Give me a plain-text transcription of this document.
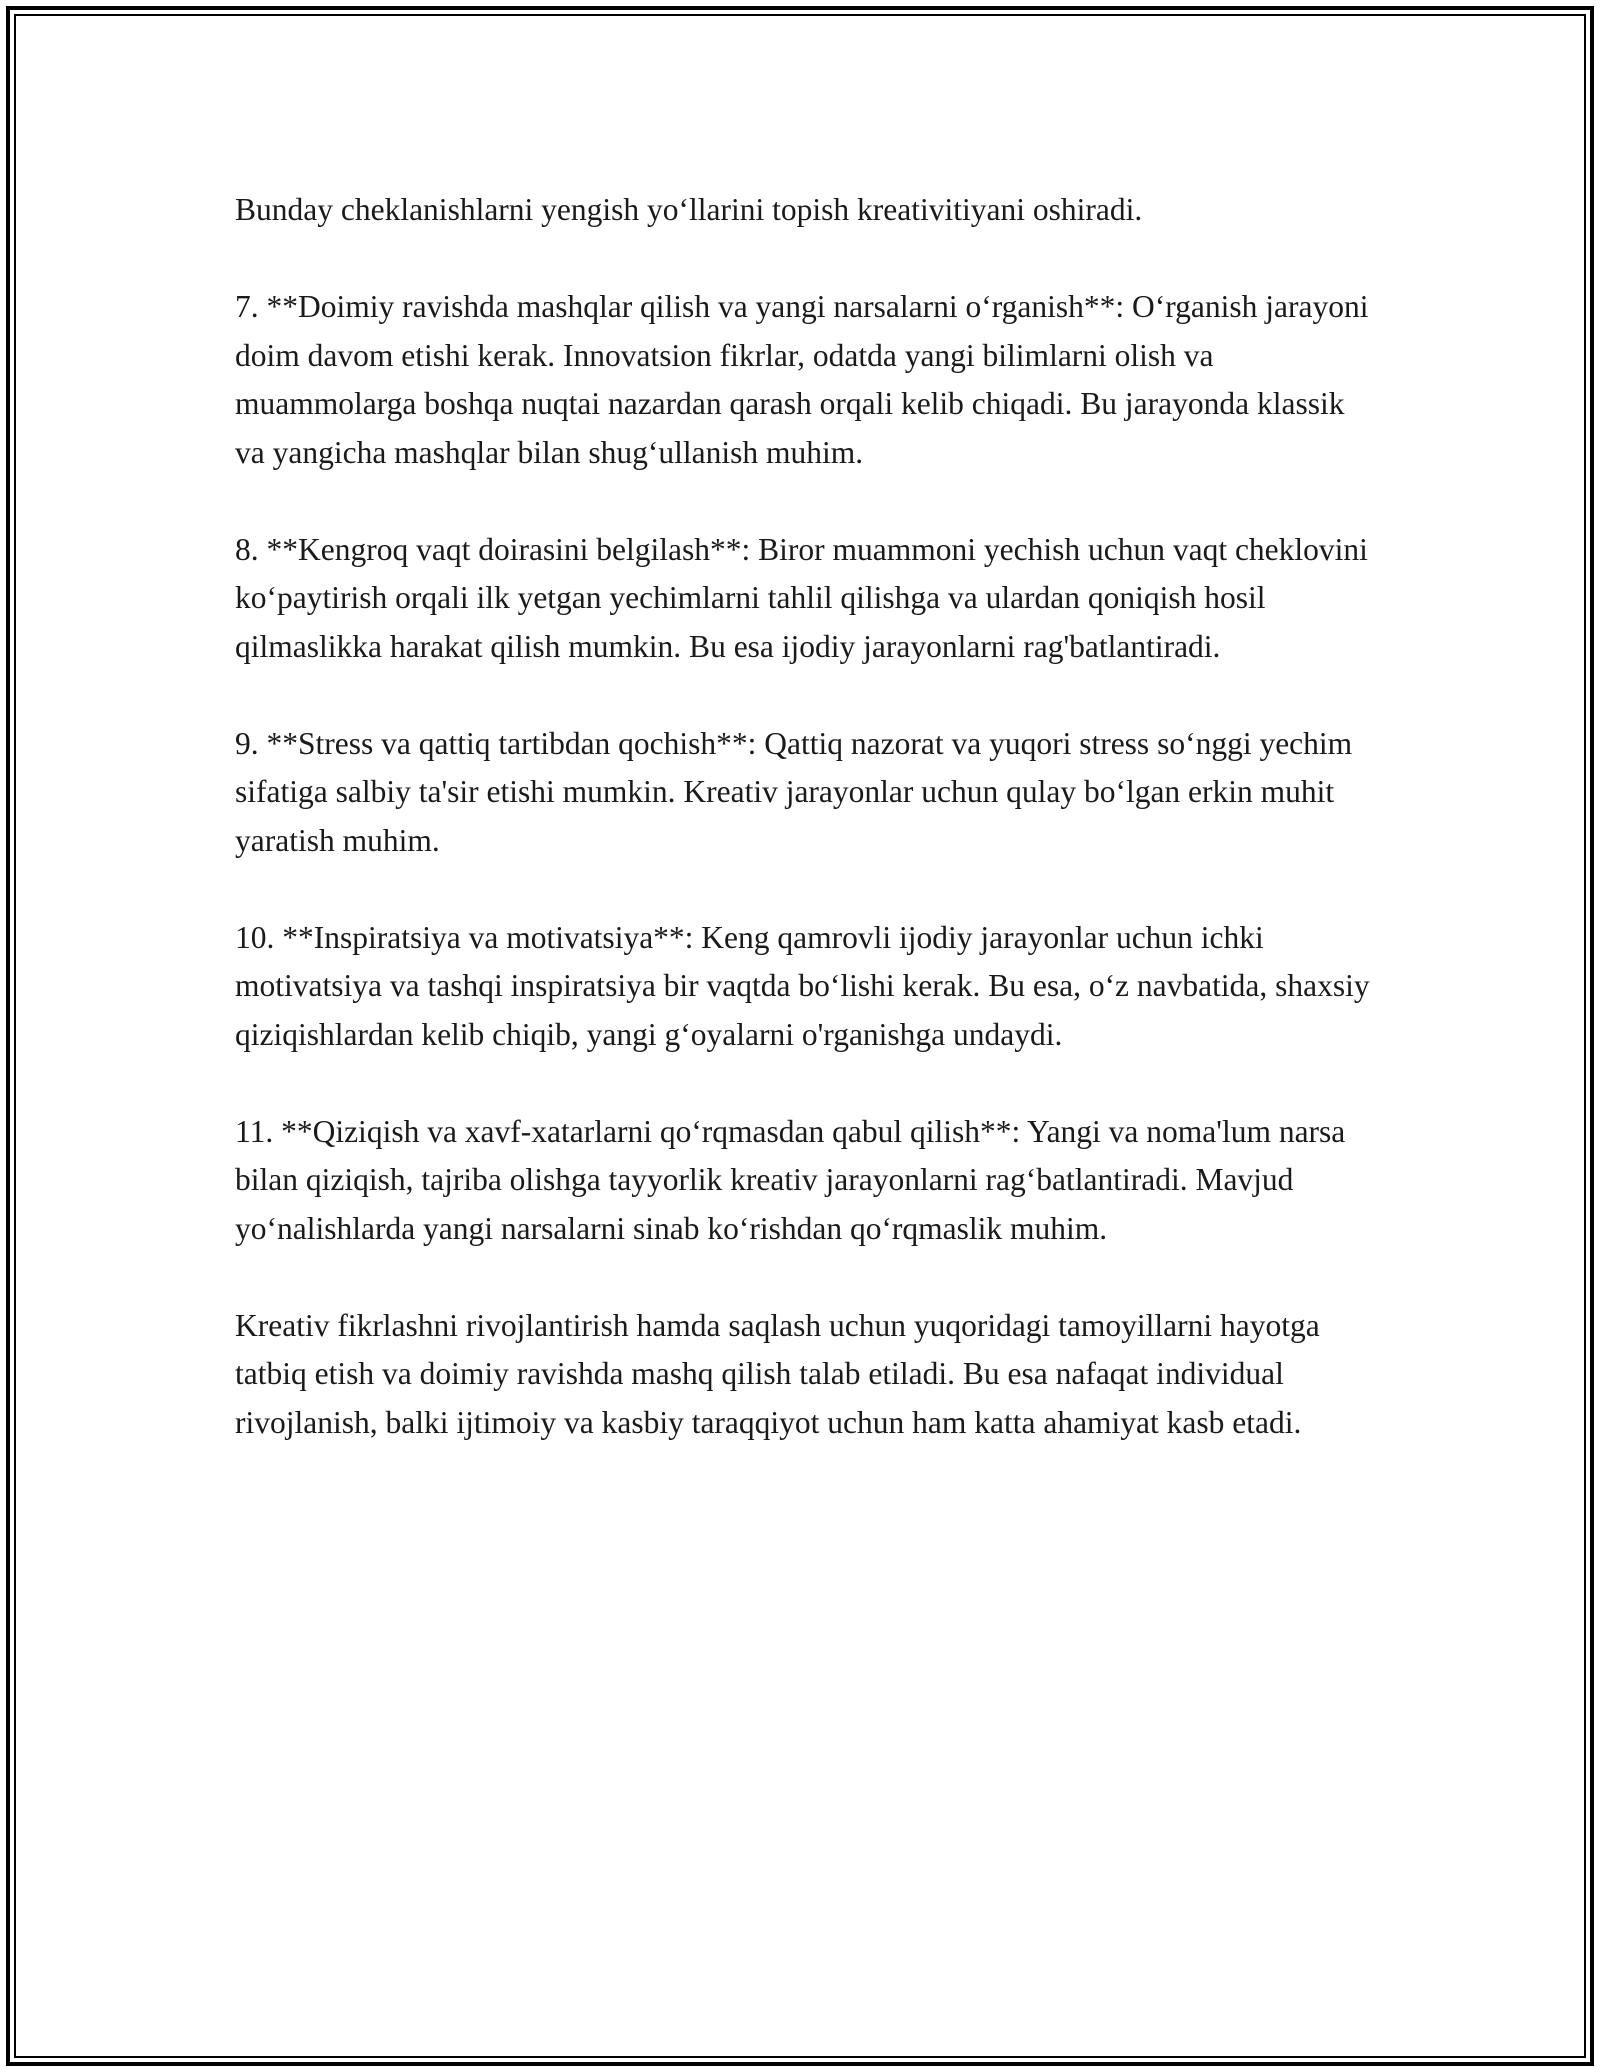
Bunday cheklanishlarni yengish yo‘llarini topish kreativitiyani oshiradi.

7. **Doimiy ravishda mashqlar qilish va yangi narsalarni o‘rganish**: O‘rganish jarayoni doim davom etishi kerak. Innovatsion fikrlar, odatda yangi bilimlarni olish va muammolarga boshqa nuqtai nazardan qarash orqali kelib chiqadi. Bu jarayonda klassik va yangicha mashqlar bilan shug‘ullanish muhim.

8. **Kengroq vaqt doirasini belgilash**: Biror muammoni yechish uchun vaqt cheklovini ko‘paytirish orqali ilk yetgan yechimlarni tahlil qilishga va ulardan qoniqish hosil qilmaslikka harakat qilish mumkin. Bu esa ijodiy jarayonlarni rag'batlantiradi.

9. **Stress va qattiq tartibdan qochish**: Qattiq nazorat va yuqori stress so‘nggi yechim sifatiga salbiy ta'sir etishi mumkin. Kreativ jarayonlar uchun qulay bo‘lgan erkin muhit yaratish muhim.

10. **Inspiratsiya va motivatsiya**: Keng qamrovli ijodiy jarayonlar uchun ichki motivatsiya va tashqi inspiratsiya bir vaqtda bo‘lishi kerak. Bu esa, o‘z navbatida, shaxsiy qiziqishlardan kelib chiqib, yangi g‘oyalarni o'rganishga undaydi.

11. **Qiziqish va xavf-xatarlarni qo‘rqmasdan qabul qilish**: Yangi va noma'lum narsa bilan qiziqish, tajriba olishga tayyorlik kreativ jarayonlarni rag‘batlantiradi. Mavjud yo‘nalishlarda yangi narsalarni sinab ko‘rishdan qo‘rqmaslik muhim.

Kreativ fikrlashni rivojlantirish hamda saqlash uchun yuqoridagi tamoyillarni hayotga tatbiq etish va doimiy ravishda mashq qilish talab etiladi. Bu esa nafaqat individual rivojlanish, balki ijtimoiy va kasbiy taraqqiyot uchun ham katta ahamiyat kasb etadi.
